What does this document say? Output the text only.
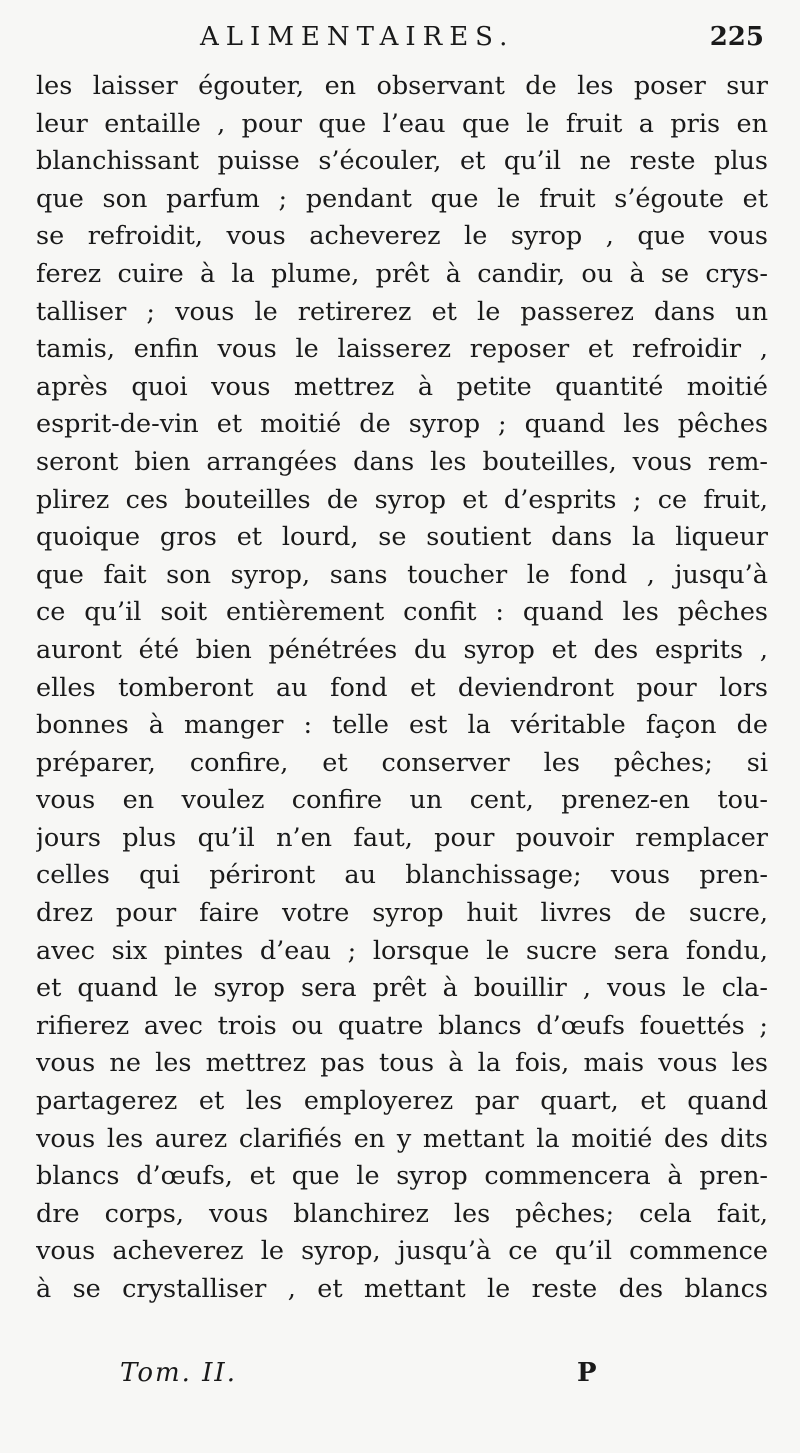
ALIMENTAIRES.	225
les laisser égouter, en observant de les poser sur
leur entaille , pour que l’eau que le fruit a pris en
blanchissant puisse s’écouler, et qu’il ne reste plus
que son parfum ; pendant que le fruit s’égoute et
se refroidit, vous acheverez le syrop , que vous
ferez cuire à la plume, prêt à candir, ou à se crys-
talliser ; vous le retirerez et le passerez dans un
tamis, enfin vous le laisserez reposer et refroidir ,
après quoi vous mettrez à petite quantité moitié
esprit-de-vin et moitié de syrop ; quand les pêches
seront bien arrangées dans les bouteilles, vous rem-
plirez ces bouteilles de syrop et d’esprits ; ce fruit,
quoique gros et lourd, se soutient dans la liqueur
que fait son syrop, sans toucher le fond , jusqu’à
ce qu’il soit entièrement confit : quand les pêches
auront été bien pénétrées du syrop et des esprits ,
elles tomberont au fond et deviendront pour lors
bonnes à manger : telle est la véritable façon de
préparer, confire, et conserver les pêches; si
vous en voulez confire un cent, prenez-en tou-
jours plus qu’il n’en faut, pour pouvoir remplacer
celles qui périront au blanchissage; vous pren-
drez pour faire votre syrop huit livres de sucre,
avec six pintes d’eau ; lorsque le sucre sera fondu,
et quand le syrop sera prêt à bouillir , vous le cla-
rifierez avec trois ou quatre blancs d’œufs fouettés ;
vous ne les mettrez pas tous à la fois, mais vous les
partagerez et les employerez par quart, et quand
vous les aurez clarifiés en y mettant la moitié des dits
blancs d’œufs, et que le syrop commencera à pren-
dre corps, vous blanchirez les pêches; cela fait,
vous acheverez le syrop, jusqu’à ce qu’il commence
à se crystalliser , et mettant le reste des blancs
Tom. II.	P
